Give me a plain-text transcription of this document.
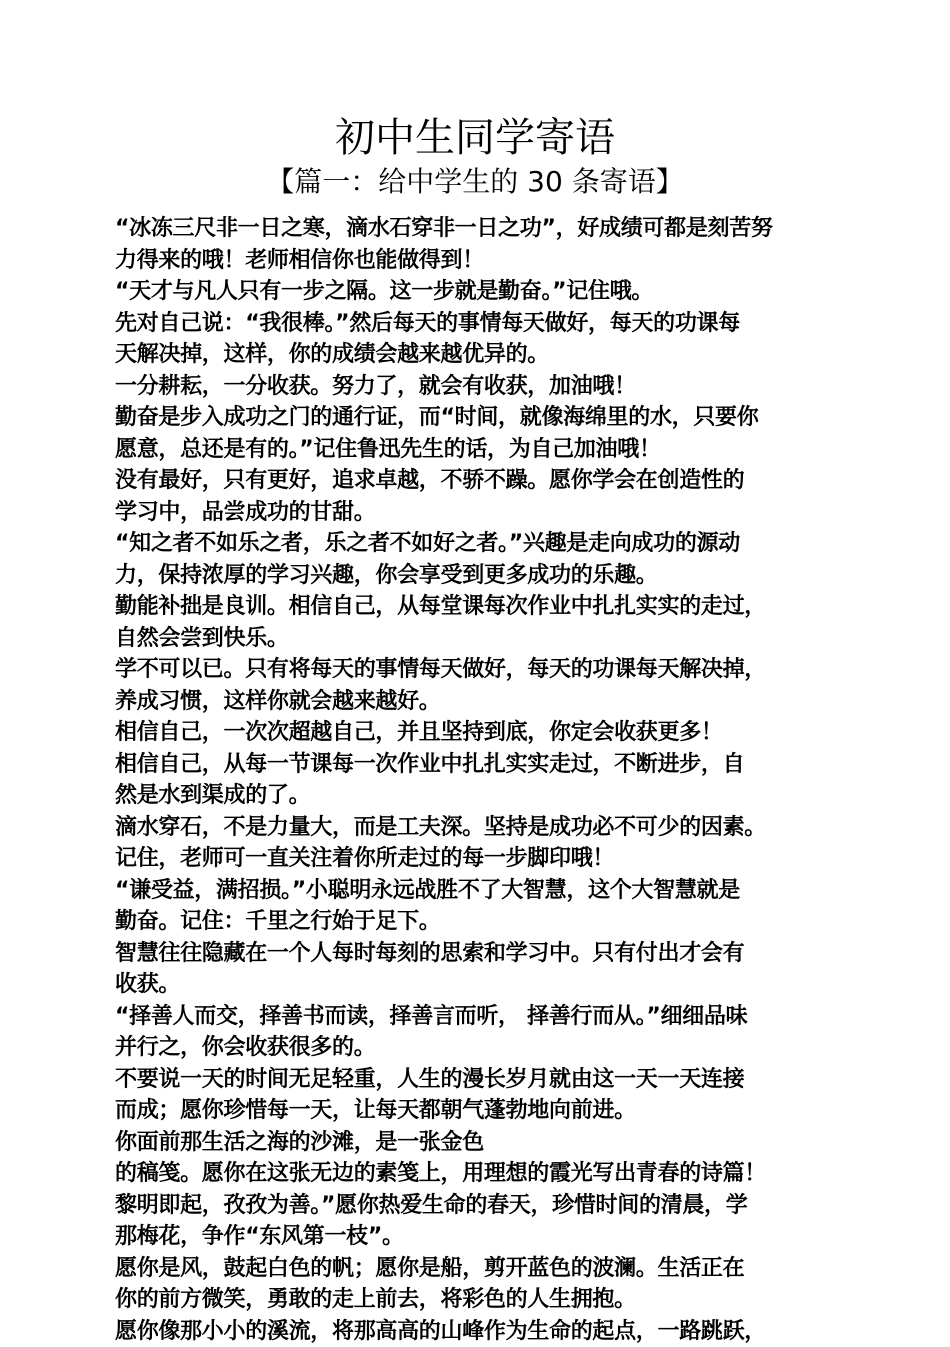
初中生同学寄语
【篇一：给中学生的 30 条寄语】
“冰冻三尺非一日之寒，滴水石穿非一日之功”，好成绩可都是刻苦努
力得来的哦！老师相信你也能做得到！
“天才与凡人只有一步之隔。这一步就是勤奋。”记住哦。
先对自己说：“我很棒。”然后每天的事情每天做好，每天的功课每
天解决掉，这样，你的成绩会越来越优异的。
一分耕耘，一分收获。努力了，就会有收获，加油哦！
勤奋是步入成功之门的通行证，而“时间，就像海绵里的水，只要你
愿意，总还是有的。”记住鲁迅先生的话，为自己加油哦！
没有最好，只有更好，追求卓越，不骄不躁。愿你学会在创造性的
学习中，品尝成功的甘甜。
“知之者不如乐之者，乐之者不如好之者。”兴趣是走向成功的源动
力，保持浓厚的学习兴趣，你会享受到更多成功的乐趣。
勤能补拙是良训。相信自己，从每堂课每次作业中扎扎实实的走过，
自然会尝到快乐。
学不可以已。只有将每天的事情每天做好，每天的功课每天解决掉，
养成习惯，这样你就会越来越好。
相信自己，一次次超越自己，并且坚持到底，你定会收获更多！
相信自己，从每一节课每一次作业中扎扎实实走过，不断进步，自
然是水到渠成的了。
滴水穿石，不是力量大，而是工夫深。坚持是成功必不可少的因素。
记住，老师可一直关注着你所走过的每一步脚印哦！
“谦受益，满招损。”小聪明永远战胜不了大智慧，这个大智慧就是
勤奋。记住：千里之行始于足下。
智慧往往隐藏在一个人每时每刻的思索和学习中。只有付出才会有
收获。
“择善人而交，择善书而读，择善言而听， 择善行而从。”细细品味
并行之，你会收获很多的。
不要说一天的时间无足轻重，人生的漫长岁月就由这一天一天连接
而成；愿你珍惜每一天，让每天都朝气蓬勃地向前进。
你面前那生活之海的沙滩，是一张金色
的稿笺。愿你在这张无边的素笺上，用理想的霞光写出青春的诗篇！
黎明即起，孜孜为善。”愿你热爱生命的春天，珍惜时间的清晨，学
那梅花，争作“东风第一枝”。
愿你是风，鼓起白色的帆；愿你是船，剪开蓝色的波澜。生活正在
你的前方微笑，勇敢的走上前去，将彩色的人生拥抱。
愿你像那小小的溪流，将那高高的山峰作为生命的起点，一路跳跃，
